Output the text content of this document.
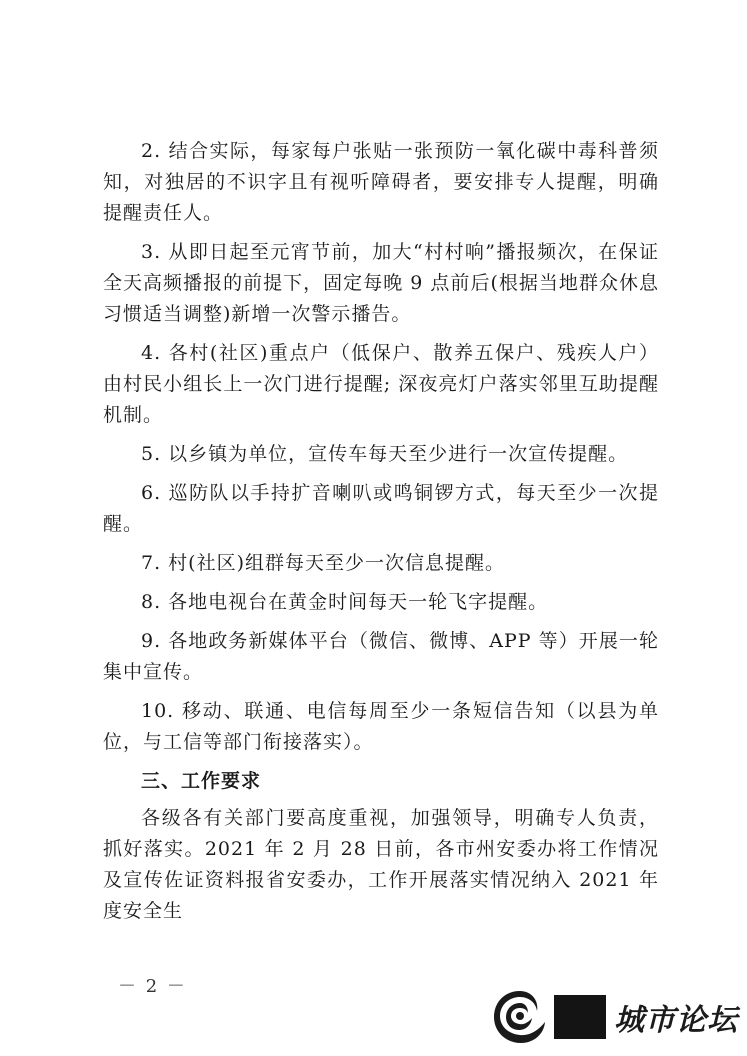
2. 结合实际，每家每户张贴一张预防一氧化碳中毒科普须知，对独居的不识字且有视听障碍者，要安排专人提醒，明确提醒责任人。

3. 从即日起至元宵节前，加大“村村响”播报频次，在保证全天高频播报的前提下，固定每晚 9 点前后(根据当地群众休息习惯适当调整)新增一次警示播告。

4. 各村(社区)重点户（低保户、散养五保户、残疾人户）由村民小组长上一次门进行提醒; 深夜亮灯户落实邻里互助提醒机制。

5. 以乡镇为单位，宣传车每天至少进行一次宣传提醒。

6. 巡防队以手持扩音喇叭或鸣铜锣方式，每天至少一次提醒。

7. 村(社区)组群每天至少一次信息提醒。

8. 各地电视台在黄金时间每天一轮飞字提醒。

9. 各地政务新媒体平台（微信、微博、APP 等）开展一轮集中宣传。

10. 移动、联通、电信每周至少一条短信告知（以县为单位，与工信等部门衔接落实）。

三、工作要求

各级各有关部门要高度重视，加强领导，明确专人负责，抓好落实。2021 年 2 月 28 日前，各市州安委办将工作情况及宣传佐证资料报省安委办，工作开展落实情况纳入 2021 年度安全生

－ 2 －
城市论坛
